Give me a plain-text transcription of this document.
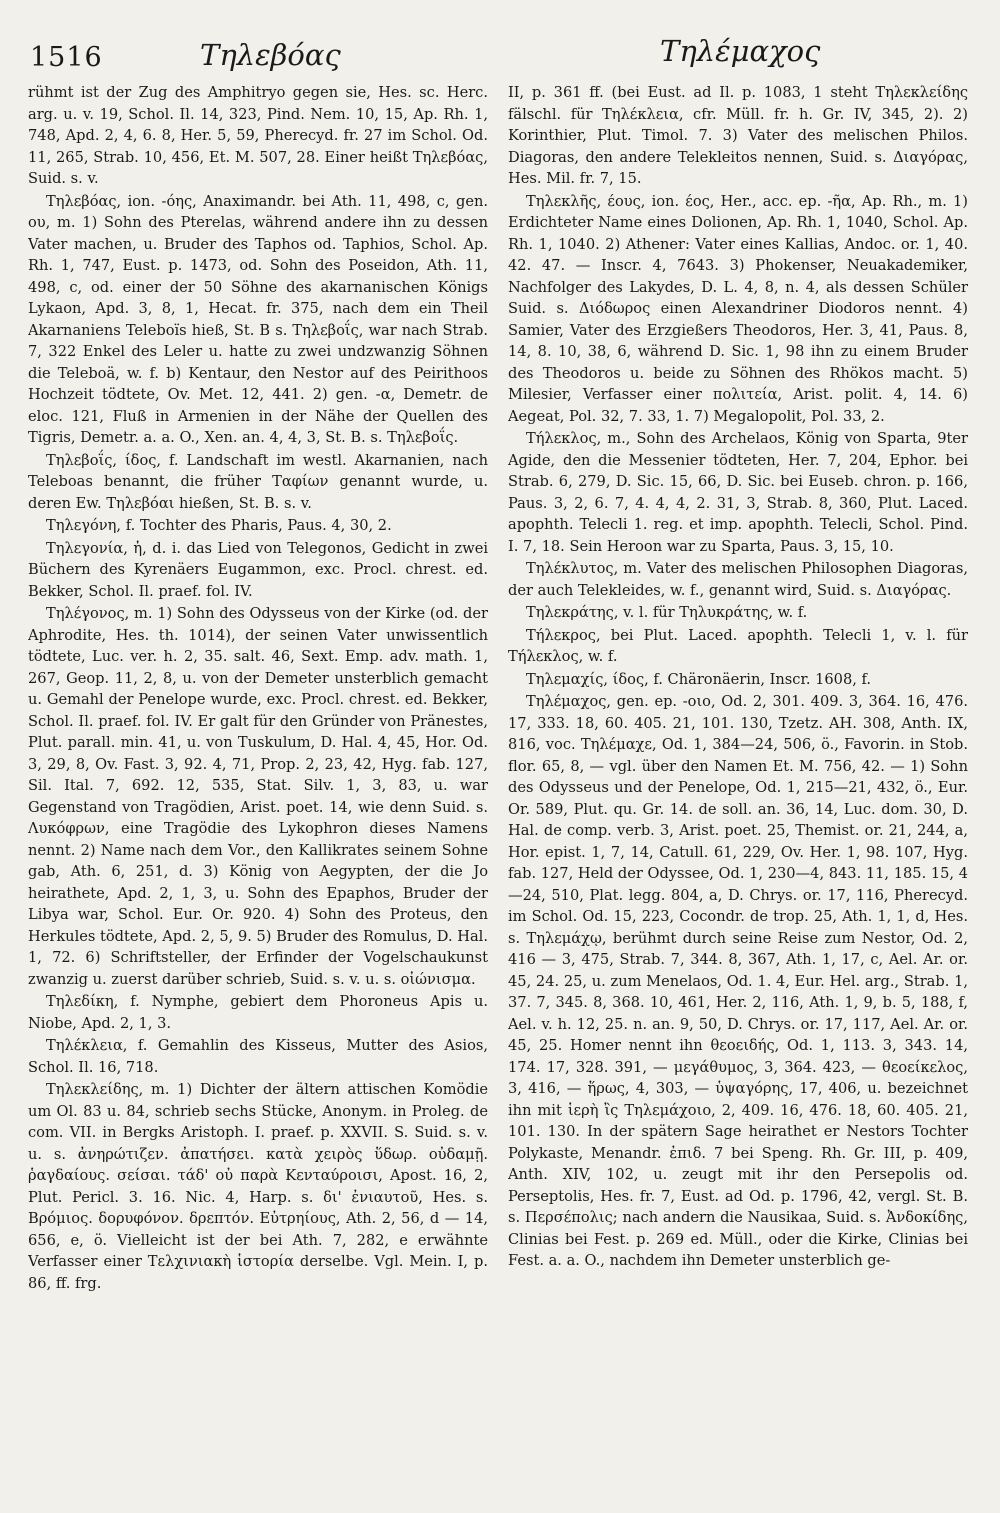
1516	Τηλεβόας	Τηλέμαχος

rühmt ist der Zug des Amphitryo gegen sie, Hes. sc. Herc. arg. u. v. 19, Schol. Il. 14, 323, Pind. Nem. 10, 15, Ap. Rh. 1, 748, Apd. 2, 4, 6. 8, Her. 5, 59, Pherecyd. fr. 27 im Schol. Od. 11, 265, Strab. 10, 456, Et. M. 507, 28. Einer heißt Τηλεβόας, Suid. s. v.

Τηλεβόας, ion. -όης, Anaximandr. bei Ath. 11, 498, c, gen. ου, m. 1) Sohn des Pterelas, während andere ihn zu dessen Vater machen, u. Bruder des Taphos od. Taphios, Schol. Ap. Rh. 1, 747, Eust. p. 1473, od. Sohn des Poseidon, Ath. 11, 498, c, od. einer der 50 Söhne des akarnanischen Königs Lykaon, Apd. 3, 8, 1, Hecat. fr. 375, nach dem ein Theil Akarnaniens Teleboïs hieß, St. B s. Τηλεβοΐς, war nach Strab. 7, 322 Enkel des Leler u. hatte zu zwei undzwanzig Söhnen die Teleboä, w. f. b) Kentaur, den Nestor auf des Peirithoos Hochzeit tödtete, Ov. Met. 12, 441. 2) gen. -α, Demetr. de eloc. 121, Fluß in Armenien in der Nähe der Quellen des Tigris, Demetr. a. a. O., Xen. an. 4, 4, 3, St. B. s. Τηλεβοΐς.

Τηλεβοΐς, ίδος, f. Landschaft im westl. Akarnanien, nach Teleboas benannt, die früher Ταφίων genannt wurde, u. deren Ew. Τηλεβόαι hießen, St. B. s. v.

Τηλεγόνη, f. Tochter des Pharis, Paus. 4, 30, 2.

Τηλεγονία, ἡ, d. i. das Lied von Telegonos, Gedicht in zwei Büchern des Kyrenäers Eugammon, exc. Procl. chrest. ed. Bekker, Schol. Il. praef. fol. IV.

Τηλέγονος, m. 1) Sohn des Odysseus von der Kirke (od. der Aphrodite, Hes. th. 1014), der seinen Vater unwissentlich tödtete, Luc. ver. h. 2, 35. salt. 46, Sext. Emp. adv. math. 1, 267, Geop. 11, 2, 8, u. von der Demeter unsterblich gemacht u. Gemahl der Penelope wurde, exc. Procl. chrest. ed. Bekker, Schol. Il. praef. fol. IV. Er galt für den Gründer von Pränestes, Plut. parall. min. 41, u. von Tuskulum, D. Hal. 4, 45, Hor. Od. 3, 29, 8, Ov. Fast. 3, 92. 4, 71, Prop. 2, 23, 42, Hyg. fab. 127, Sil. Ital. 7, 692. 12, 535, Stat. Silv. 1, 3, 83, u. war Gegenstand von Tragödien, Arist. poet. 14, wie denn Suid. s. Λυκόφρων, eine Tragödie des Lykophron dieses Namens nennt. 2) Name nach dem Vor., den Kallikrates seinem Sohne gab, Ath. 6, 251, d. 3) König von Aegypten, der die Jo heirathete, Apd. 2, 1, 3, u. Sohn des Epaphos, Bruder der Libya war, Schol. Eur. Or. 920. 4) Sohn des Proteus, den Herkules tödtete, Apd. 2, 5, 9. 5) Bruder des Romulus, D. Hal. 1, 72. 6) Schriftsteller, der Erfinder der Vogelschaukunst zwanzig u. zuerst darüber schrieb, Suid. s. v. u. s. οἰώνισμα.

Τηλεδίκη, f. Nymphe, gebiert dem Phoroneus Apis u. Niobe, Apd. 2, 1, 3.

Τηλέκλεια, f. Gemahlin des Kisseus, Mutter des Asios, Schol. Il. 16, 718.

Τηλεκλείδης, m. 1) Dichter der ältern attischen Komödie um Ol. 83 u. 84, schrieb sechs Stücke, Anonym. in Proleg. de com. VII. in Bergks Aristoph. I. praef. p. XXVII. S. Suid. s. v. u. s. ἀνηρώτιζεν. ἀπατήσει. κατὰ χειρὸς ὕδωρ. οὐδαμῇ. ῥαγδαίους. σείσαι. τάδ' οὐ παρὰ Κενταύροισι, Apost. 16, 2, Plut. Pericl. 3. 16. Nic. 4, Harp. s. δι' ἐνιαυτοῦ, Hes. s. Βρόμιος. δορυφόνον. δρεπτόν. Εὐτρηίους, Ath. 2, 56, d — 14, 656, e, ö. Vielleicht ist der bei Ath. 7, 282, e erwähnte Verfasser einer Τελχινιακὴ ἱστορία derselbe. Vgl. Mein. I, p. 86, ff. frg.

II, p. 361 ff. (bei Eust. ad Il. p. 1083, 1 steht Τηλεκλείδης fälschl. für Τηλέκλεια, cfr. Müll. fr. h. Gr. IV, 345, 2). 2) Korinthier, Plut. Timol. 7. 3) Vater des melischen Philos. Diagoras, den andere Telekleitos nennen, Suid. s. Διαγόρας, Hes. Mil. fr. 7, 15.

Τηλεκλῆς, έους, ion. έος, Her., acc. ep. -ῆα, Ap. Rh., m. 1) Erdichteter Name eines Dolionen, Ap. Rh. 1, 1040, Schol. Ap. Rh. 1, 1040. 2) Athener: Vater eines Kallias, Andoc. or. 1, 40. 42. 47. — Inscr. 4, 7643. 3) Phokenser, Neuakademiker, Nachfolger des Lakydes, D. L. 4, 8, n. 4, als dessen Schüler Suid. s. Διόδωρος einen Alexandriner Diodoros nennt. 4) Samier, Vater des Erzgießers Theodoros, Her. 3, 41, Paus. 8, 14, 8. 10, 38, 6, während D. Sic. 1, 98 ihn zu einem Bruder des Theodoros u. beide zu Söhnen des Rhökos macht. 5) Milesier, Verfasser einer πολιτεία, Arist. polit. 4, 14. 6) Aegeat, Pol. 32, 7. 33, 1. 7) Megalopolit, Pol. 33, 2.

Τήλεκλος, m., Sohn des Archelaos, König von Sparta, 9ter Agide, den die Messenier tödteten, Her. 7, 204, Ephor. bei Strab. 6, 279, D. Sic. 15, 66, D. Sic. bei Euseb. chron. p. 166, Paus. 3, 2, 6. 7, 4. 4, 4, 2. 31, 3, Strab. 8, 360, Plut. Laced. apophth. Telecli 1. reg. et imp. apophth. Telecli, Schol. Pind. I. 7, 18. Sein Heroon war zu Sparta, Paus. 3, 15, 10.

Τηλέκλυτος, m. Vater des melischen Philosophen Diagoras, der auch Telekleides, w. f., genannt wird, Suid. s. Διαγόρας.

Τηλεκράτης, v. l. für Τηλυκράτης, w. f.

Τήλεκρος, bei Plut. Laced. apophth. Telecli 1, v. l. für Τήλεκλος, w. f.

Τηλεμαχίς, ίδος, f. Chäronäerin, Inscr. 1608, f.

Τηλέμαχος, gen. ep. -οιο, Od. 2, 301. 409. 3, 364. 16, 476. 17, 333. 18, 60. 405. 21, 101. 130, Tzetz. AH. 308, Anth. IX, 816, voc. Τηλέμαχε, Od. 1, 384—24, 506, ö., Favorin. in Stob. flor. 65, 8, — vgl. über den Namen Et. M. 756, 42. — 1) Sohn des Odysseus und der Penelope, Od. 1, 215—21, 432, ö., Eur. Or. 589, Plut. qu. Gr. 14. de soll. an. 36, 14, Luc. dom. 30, D. Hal. de comp. verb. 3, Arist. poet. 25, Themist. or. 21, 244, a, Hor. epist. 1, 7, 14, Catull. 61, 229, Ov. Her. 1, 98. 107, Hyg. fab. 127, Held der Odyssee, Od. 1, 230—4, 843. 11, 185. 15, 4—24, 510, Plat. legg. 804, a, D. Chrys. or. 17, 116, Pherecyd. im Schol. Od. 15, 223, Cocondr. de trop. 25, Ath. 1, 1, d, Hes. s. Τηλεμάχῳ, berühmt durch seine Reise zum Nestor, Od. 2, 416 — 3, 475, Strab. 7, 344. 8, 367, Ath. 1, 17, c, Ael. Ar. or. 45, 24. 25, u. zum Menelaos, Od. 1. 4, Eur. Hel. arg., Strab. 1, 37. 7, 345. 8, 368. 10, 461, Her. 2, 116, Ath. 1, 9, b. 5, 188, f, Ael. v. h. 12, 25. n. an. 9, 50, D. Chrys. or. 17, 117, Ael. Ar. or. 45, 25. Homer nennt ihn θεοειδής, Od. 1, 113. 3, 343. 14, 174. 17, 328. 391, — μεγάθυμος, 3, 364. 423, — θεοείκελος, 3, 416, — ἥρως, 4, 303, — ὑψαγόρης, 17, 406, u. bezeichnet ihn mit ἱερὴ ἲς Τηλεμάχοιο, 2, 409. 16, 476. 18, 60. 405. 21, 101. 130. In der spätern Sage heirathet er Nestors Tochter Polykaste, Menandr. ἐπιδ. 7 bei Speng. Rh. Gr. III, p. 409, Anth. XIV, 102, u. zeugt mit ihr den Persepolis od. Perseptolis, Hes. fr. 7, Eust. ad Od. p. 1796, 42, vergl. St. B. s. Περσέπολις; nach andern die Nausikaa, Suid. s. Ἀνδοκίδης, Clinias bei Fest. p. 269 ed. Müll., oder die Kirke, Clinias bei Fest. a. a. O., nachdem ihn Demeter unsterblich ge-
